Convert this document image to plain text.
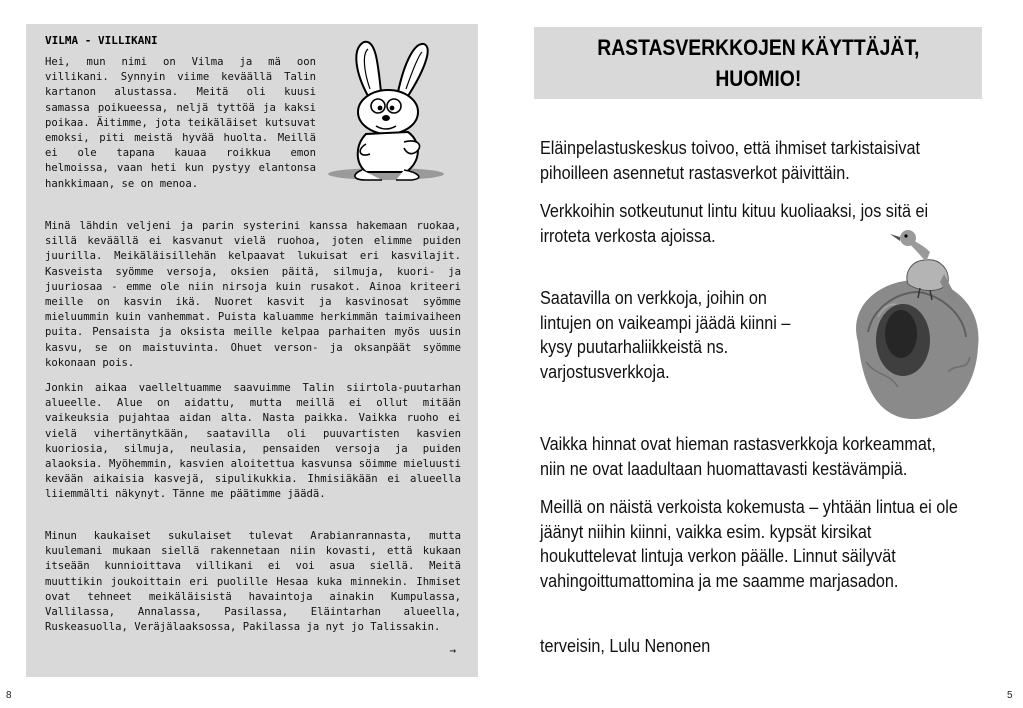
VILMA - VILLIKANI

Hei, mun nimi on Vilma ja mä oon villikani. Synnyin viime keväällä Talin kartanon alustassa. Meitä oli kuusi samassa poikueessa, neljä tyttöä ja kaksi poikaa. Äitimme, jota teikäläiset kutsuvat emoksi, piti meistä hyvää huolta. Meillä ei ole tapana kauaa roikkua emon helmoissa, vaan heti kun pystyy elantonsa hankkimaan, se on menoa.

Minä lähdin veljeni ja parin systerini kanssa hakemaan ruokaa, sillä keväällä ei kasvanut vielä ruohoa, joten elimme puiden juurilla. Meikäläisillehän kelpaavat lukuisat eri kasvilajit. Kasveista syömme versoja, oksien päitä, silmuja, kuori- ja juuriosaa - emme ole niin nirsoja kuin rusakot. Ainoa kriteeri meille on kasvin ikä. Nuoret kasvit ja kasvinosat syömme mieluummin kuin vanhemmat. Puista kaluamme herkimmän taimivaiheen puita. Pensaista ja oksista meille kelpaa parhaiten myös uusin kasvu, se on maistuvinta. Ohuet verson- ja oksanpäät syömme kokonaan pois.

Jonkin aikaa vaelleltuamme saavuimme Talin siirtola-puutarhan alueelle. Alue on aidattu, mutta meillä ei ollut mitään vaikeuksia pujahtaa aidan alta. Nasta paikka. Vaikka ruoho ei vielä vihertänytkään, saatavilla oli puuvartisten kasvien kuoriosia, silmuja, neulasia, pensaiden versoja ja puiden alaoksia. Myöhemmin, kasvien aloitettua kasvunsa söimme mieluusti kevään aikaisia kasvejä, sipulikukkia. Ihmisiäkään ei alueella liiemmälti näkynyt. Tänne me päätimme jäädä.

Minun kaukaiset sukulaiset tulevat Arabianrannasta, mutta kuulemani mukaan siellä rakennetaan niin kovasti, että kukaan itseään kunnioittava villikani ei voi asua siellä. Meitä muuttikin joukoittain eri puolille Hesaa kuka minnekin. Ihmiset ovat tehneet meikäläisistä havaintoja ainakin Kumpulassa, Vallilassa, Annalassa, Pasilassa, Eläintarhan alueella, Ruskeasuolla, Veräjälaaksossa, Pakilassa ja nyt jo Talissakin.

→
8
RASTASVERKKOJEN KÄYTTÄJÄT,
HUOMIO!

Eläinpelastuskeskus toivoo, että ihmiset tarkistaisivat
pihoilleen asennetut rastasverkot päivittäin.

Verkkoihin sotkeutunut lintu kituu kuoliaaksi, jos sitä ei
irroteta verkosta ajoissa.

Saatavilla on verkkoja, joihin on
lintujen on vaikeampi jäädä kiinni –
kysy puutarhaliikkeistä ns.
varjostusverkkoja.

Vaikka hinnat ovat hieman rastasverkkoja korkeammat,
niin ne ovat laadultaan huomattavasti kestävämpiä.

Meillä on näistä verkoista kokemusta – yhtään lintua ei ole
jäänyt niihin kiinni, vaikka esim. kypsät kirsikat
houkuttelevat lintuja verkon päälle. Linnut säilyvät
vahingoittumattomina ja me saamme marjasadon.

terveisin, Lulu Nenonen

5
